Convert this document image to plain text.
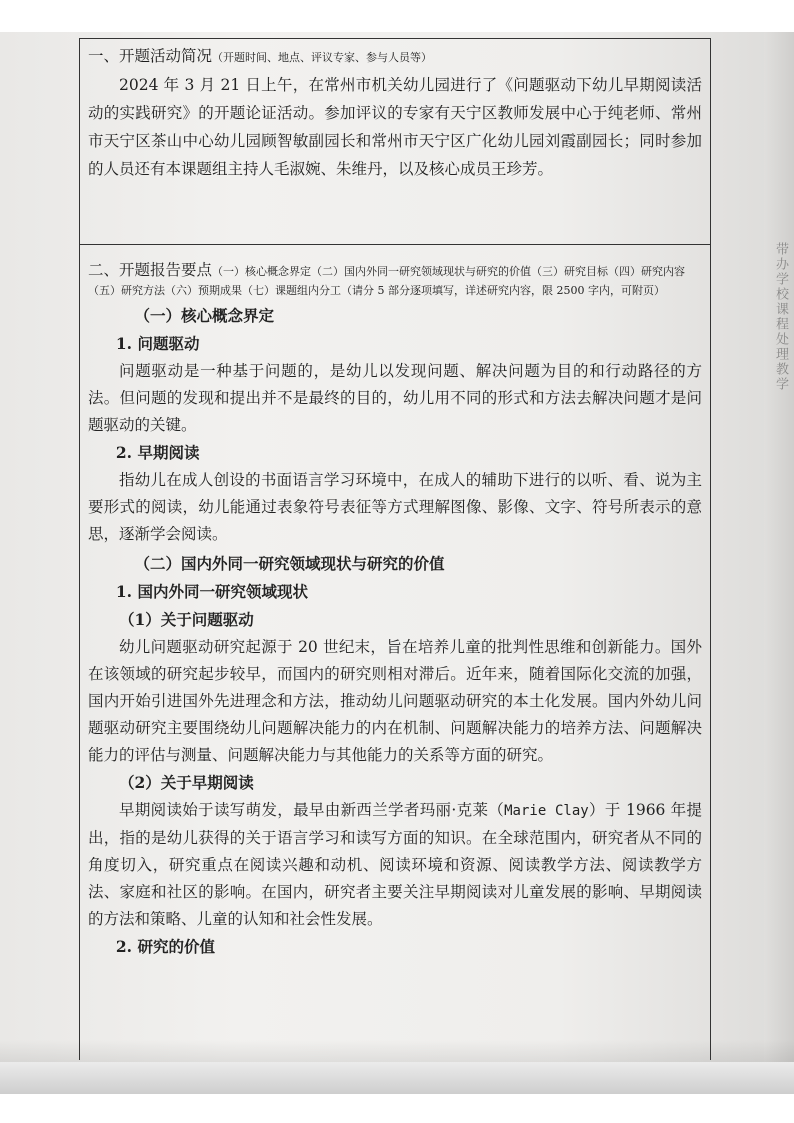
带办学校课程处理教学
一、开题活动简况（开题时间、地点、评议专家、参与人员等）

2024 年 3 月 21 日上午，在常州市机关幼儿园进行了《问题驱动下幼儿早期阅读活动的实践研究》的开题论证活动。参加评议的专家有天宁区教师发展中心于纯老师、常州市天宁区茶山中心幼儿园顾智敏副园长和常州市天宁区广化幼儿园刘霞副园长；同时参加的人员还有本课题组主持人毛淑婉、朱维丹，以及核心成员王珍芳。

二、开题报告要点（一）核心概念界定（二）国内外同一研究领域现状与研究的价值（三）研究目标（四）研究内容（五）研究方法（六）预期成果（七）课题组内分工（请分 5 部分逐项填写，详述研究内容，限 2500 字内，可附页）
（一）核心概念界定
1. 问题驱动

问题驱动是一种基于问题的，是幼儿以发现问题、解决问题为目的和行动路径的方法。但问题的发现和提出并不是最终的目的，幼儿用不同的形式和方法去解决问题才是问题驱动的关键。

2. 早期阅读

指幼儿在成人创设的书面语言学习环境中，在成人的辅助下进行的以听、看、说为主要形式的阅读，幼儿能通过表象符号表征等方式理解图像、影像、文字、符号所表示的意思，逐渐学会阅读。

（二）国内外同一研究领域现状与研究的价值
1. 国内外同一研究领域现状
（1）关于问题驱动

幼儿问题驱动研究起源于 20 世纪末，旨在培养儿童的批判性思维和创新能力。国外在该领域的研究起步较早，而国内的研究则相对滞后。近年来，随着国际化交流的加强，国内开始引进国外先进理念和方法，推动幼儿问题驱动研究的本土化发展。国内外幼儿问题驱动研究主要围绕幼儿问题解决能力的内在机制、问题解决能力的培养方法、问题解决能力的评估与测量、问题解决能力与其他能力的关系等方面的研究。

（2）关于早期阅读

早期阅读始于读写萌发，最早由新西兰学者玛丽·克莱（Marie Clay）于 1966 年提出，指的是幼儿获得的关于语言学习和读写方面的知识。在全球范围内，研究者从不同的角度切入，研究重点在阅读兴趣和动机、阅读环境和资源、阅读教学方法、阅读教学方法、家庭和社区的影响。在国内，研究者主要关注早期阅读对儿童发展的影响、早期阅读的方法和策略、儿童的认知和社会性发展。

2. 研究的价值
